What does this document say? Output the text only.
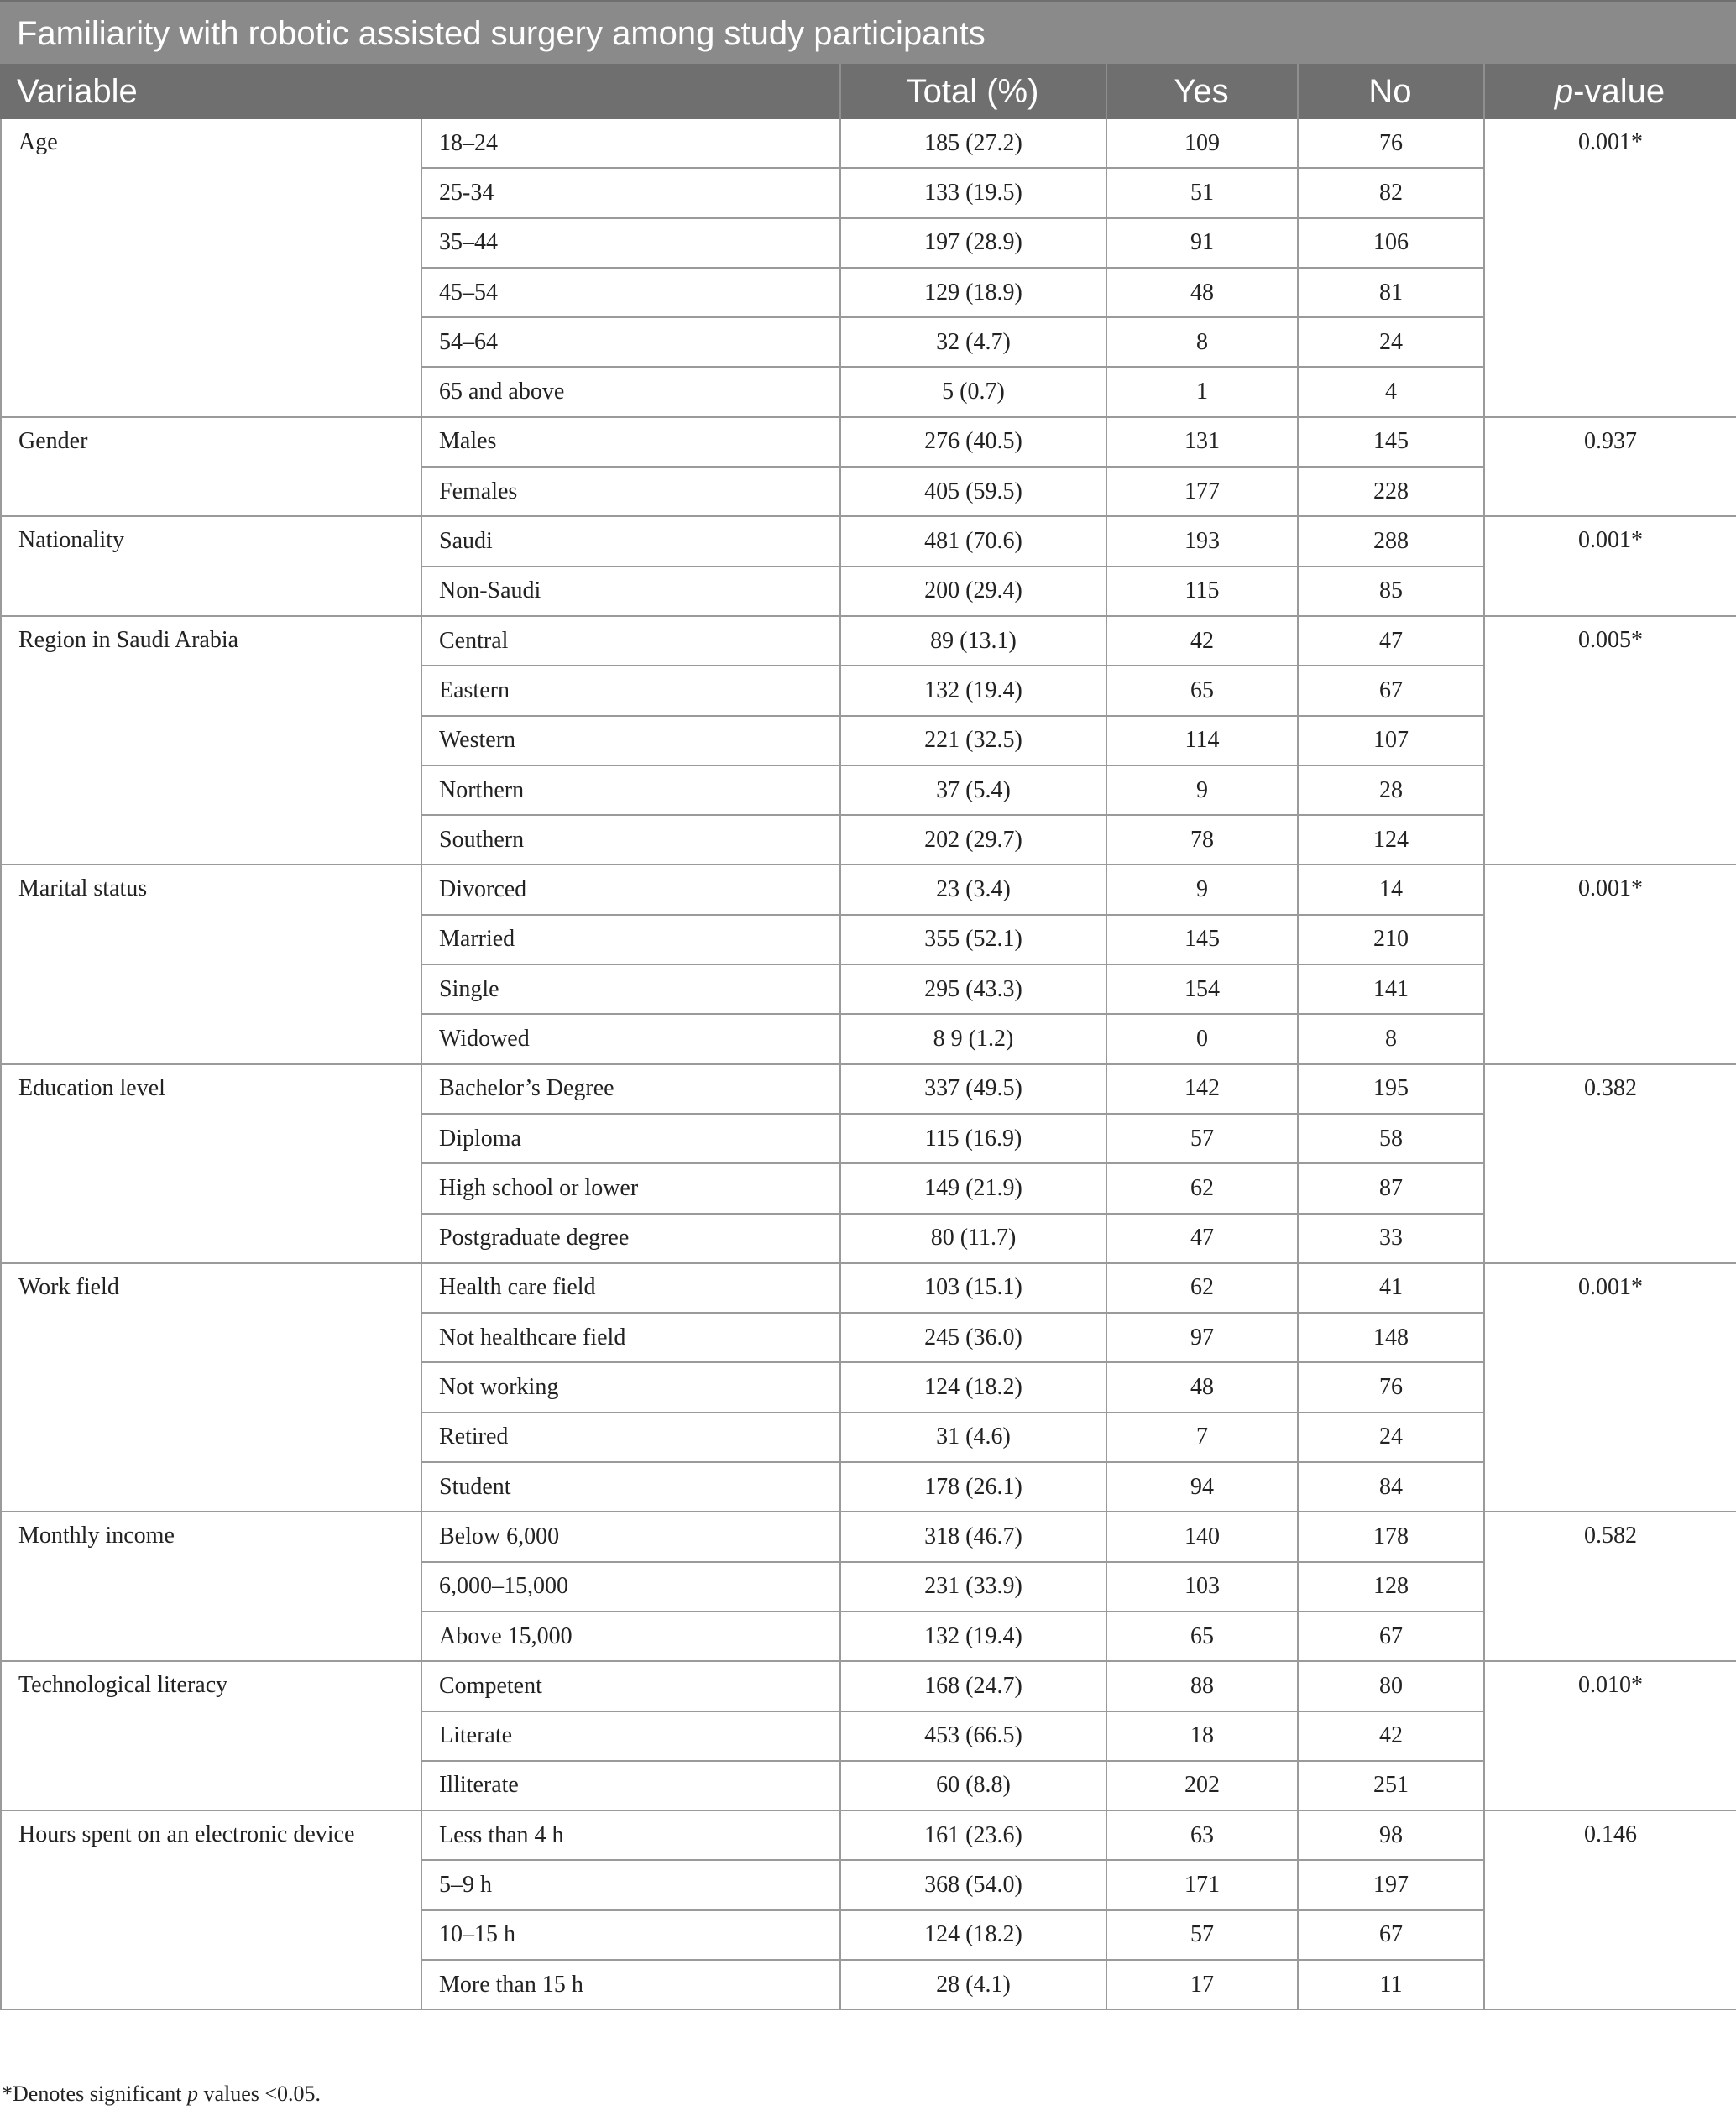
Familiarity with robotic assisted surgery among study participants
Variable	Total (%)	Yes	No	p-value
Age	18–24	185 (27.2)	109	76	0.001*
	25-34	133 (19.5)	51	82	
	35–44	197 (28.9)	91	106	
	45–54	129 (18.9)	48	81	
	54–64	32 (4.7)	8	24	
	65 and above	5 (0.7)	1	4	
Gender	Males	276 (40.5)	131	145	0.937
	Females	405 (59.5)	177	228	
Nationality	Saudi	481 (70.6)	193	288	0.001*
	Non-Saudi	200 (29.4)	115	85	
Region in Saudi Arabia	Central	89 (13.1)	42	47	0.005*
	Eastern	132 (19.4)	65	67	
	Western	221 (32.5)	114	107	
	Northern	37 (5.4)	9	28	
	Southern	202 (29.7)	78	124	
Marital status	Divorced	23 (3.4)	9	14	0.001*
	Married	355 (52.1)	145	210	
	Single	295 (43.3)	154	141	
	Widowed	8 9 (1.2)	0	8	
Education level	Bachelor’s Degree	337 (49.5)	142	195	0.382
	Diploma	115 (16.9)	57	58	
	High school or lower	149 (21.9)	62	87	
	Postgraduate degree	80 (11.7)	47	33	
Work field	Health care field	103 (15.1)	62	41	0.001*
	Not healthcare field	245 (36.0)	97	148	
	Not working	124 (18.2)	48	76	
	Retired	31 (4.6)	7	24	
	Student	178 (26.1)	94	84	
Monthly income	Below 6,000	318 (46.7)	140	178	0.582
	6,000–15,000	231 (33.9)	103	128	
	Above 15,000	132 (19.4)	65	67	
Technological literacy	Competent	168 (24.7)	88	80	0.010*
	Literate	453 (66.5)	18	42	
	Illiterate	60 (8.8)	202	251	
Hours spent on an electronic device	Less than 4 h	161 (23.6)	63	98	0.146
	5–9 h	368 (54.0)	171	197	
	10–15 h	124 (18.2)	57	67	
	More than 15 h	28 (4.1)	17	11	
*Denotes significant p values <0.05.
